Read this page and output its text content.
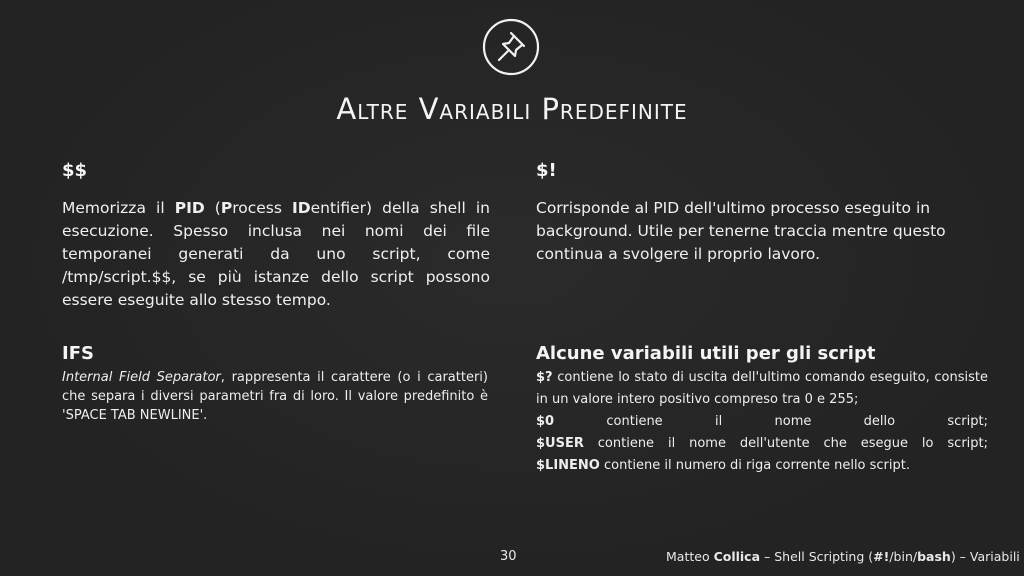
Altre Variabili Predefinite
$$
Memorizza il PID (Process IDentifier) della shell in esecuzione. Spesso inclusa nei nomi dei file temporanei generati da uno script, come /tmp/script.$$, se più istanze dello script possono essere eseguite allo stesso tempo.
$!
Corrisponde al PID dell'ultimo processo eseguito in background. Utile per tenerne traccia mentre questo continua a svolgere il proprio lavoro.
IFS
Internal Field Separator, rappresenta il carattere (o i caratteri) che separa i diversi parametri fra di loro. Il valore predefinito è 'SPACE TAB NEWLINE'.
Alcune variabili utili per gli script
$? contiene lo stato di uscita dell'ultimo comando eseguito, consiste in un valore intero positivo compreso tra 0 e 255;
$0 contiene il nome dello script;
$USER contiene il nome dell'utente che esegue lo script;
$LINENO contiene il numero di riga corrente nello script.
30	Matteo Collica – Shell Scripting (#!/bin/bash) – Variabili
